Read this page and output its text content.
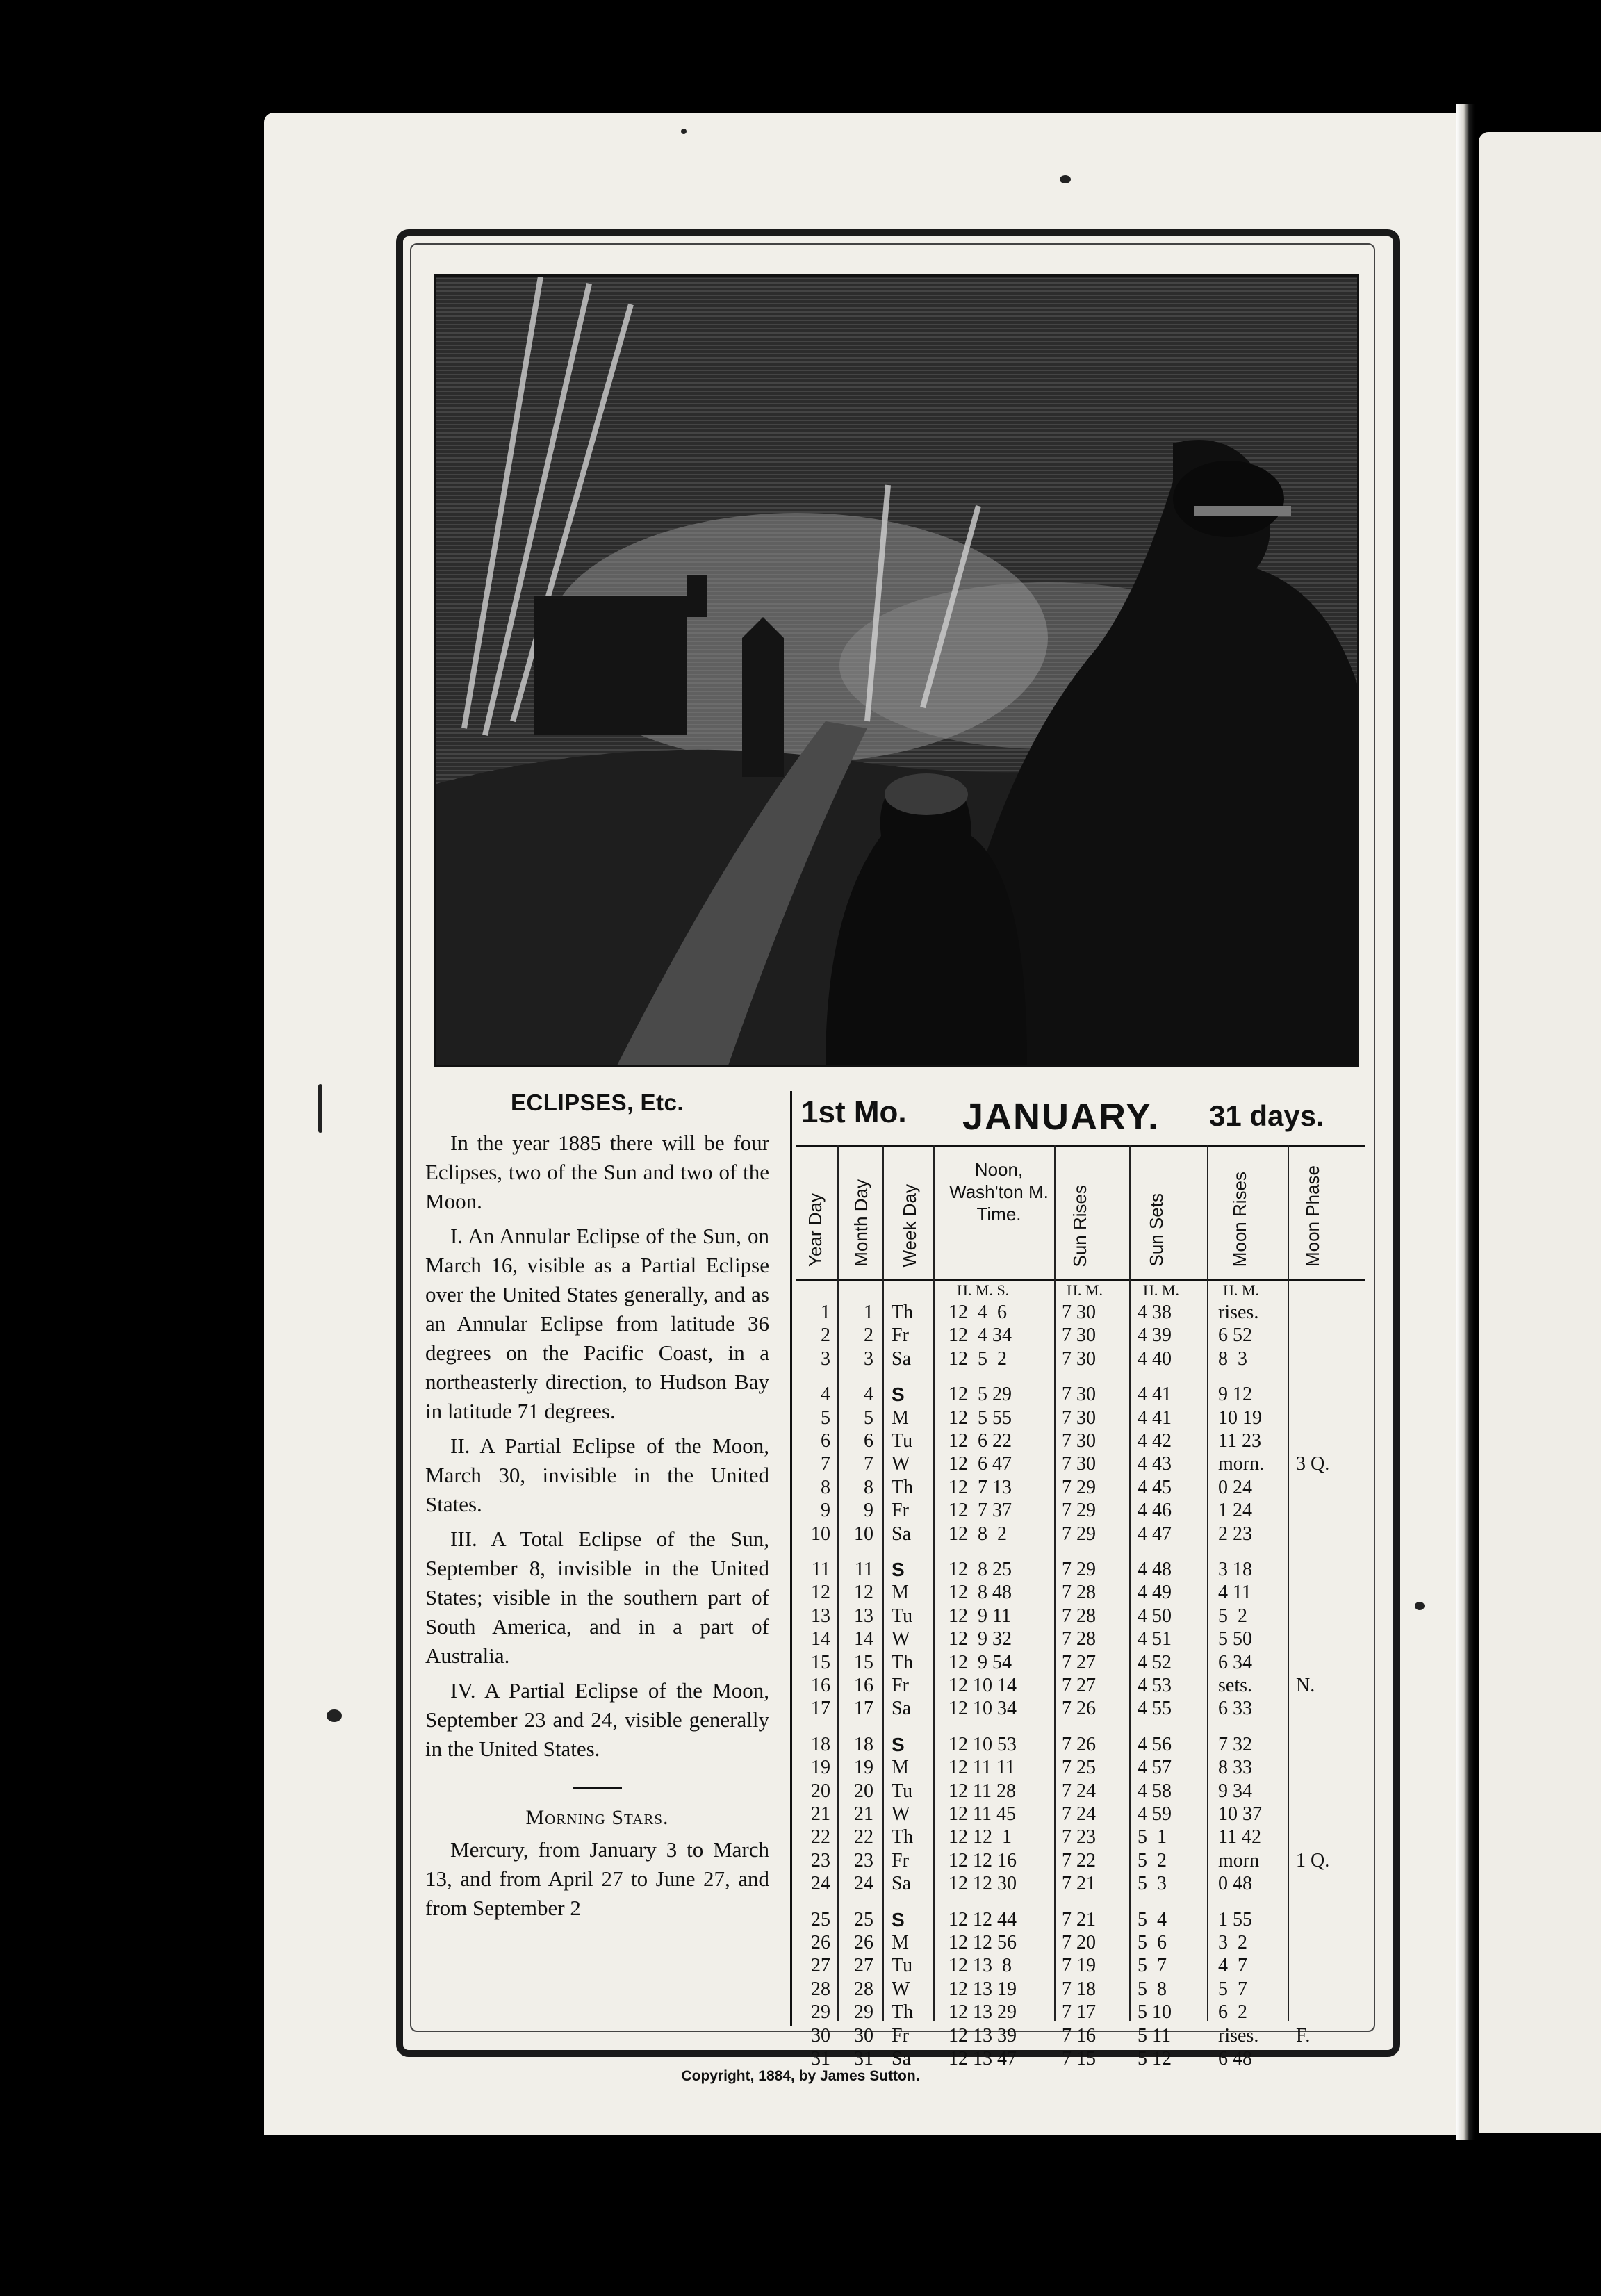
ECLIPSES, Etc.

In the year 1885 there will be four Eclipses, two of the Sun and two of the Moon.

I. An Annular Eclipse of the Sun, on March 16, visible as a Partial Eclipse over the United States generally, and as an Annular Eclipse from latitude 36 degrees on the Pacific Coast, in a northeasterly direction, to Hudson Bay in latitude 71 degrees.

II. A Partial Eclipse of the Moon, March 30, invisible in the United States.

III. A Total Eclipse of the Sun, September 8, invisible in the United States; visible in the southern part of South America, and in a part of Australia.

IV. A Partial Eclipse of the Moon, September 23 and 24, visible generally in the United States.

Morning Stars.

Mercury, from January 3 to March 13, and from April 27 to June 27, and from September 2

1st Mo. JANUARY. 31 days.
Year Day Month Day Week Day
Noon, Wash'ton M. Time.	Sun Rises	Sun Sets	Moon Rises	Moon Phase
H. M. S.	H. M.	H. M.	H. M.
1	1 Th	12  4  6	7 30	4 38	rises.
2	2 Fr	12  4 34	7 30	4 39	6 52
3	3 Sa	12  5  2	7 30	4 40	8  3
4	4 S	12  5 29	7 30	4 41	9 12
5	5 M	12  5 55	7 30	4 41	10 19
6	6 Tu	12  6 22	7 30	4 42	11 23
7	7 W	12  6 47	7 30	4 43	morn.	3 Q.
8	8 Th	12  7 13	7 29	4 45	0 24
9	9 Fr	12  7 37	7 29	4 46	1 24
10	10 Sa	12  8  2	7 29	4 47	2 23
11	11 S	12  8 25	7 29	4 48	3 18
12	12 M	12  8 48	7 28	4 49	4 11
13	13 Tu	12  9 11	7 28	4 50	5  2
14	14 W	12  9 32	7 28	4 51	5 50
15	15 Th	12  9 54	7 27	4 52	6 34
16	16 Fr	12 10 14	7 27	4 53	sets.	N.
17	17 Sa	12 10 34	7 26	4 55	6 33
18	18 S	12 10 53	7 26	4 56	7 32
19	19 M	12 11 11	7 25	4 57	8 33
20	20 Tu	12 11 28	7 24	4 58	9 34
21	21 W	12 11 45	7 24	4 59	10 37
22	22 Th	12 12  1	7 23	5  1	11 42
23	23 Fr	12 12 16	7 22	5  2	morn	1 Q.
24	24 Sa	12 12 30	7 21	5  3	0 48
25	25 S	12 12 44	7 21	5  4	1 55
26	26 M	12 12 56	7 20	5  6	3  2
27	27 Tu	12 13  8	7 19	5  7	4  7
28	28 W	12 13 19	7 18	5  8	5  7
29	29 Th	12 13 29	7 17	5 10	6  2
30	30 Fr	12 13 39	7 16	5 11	rises.	F.
31	31 Sa	12 13 47	7 15	5 12	6 48
Copyright, 1884, by James Sutton.
